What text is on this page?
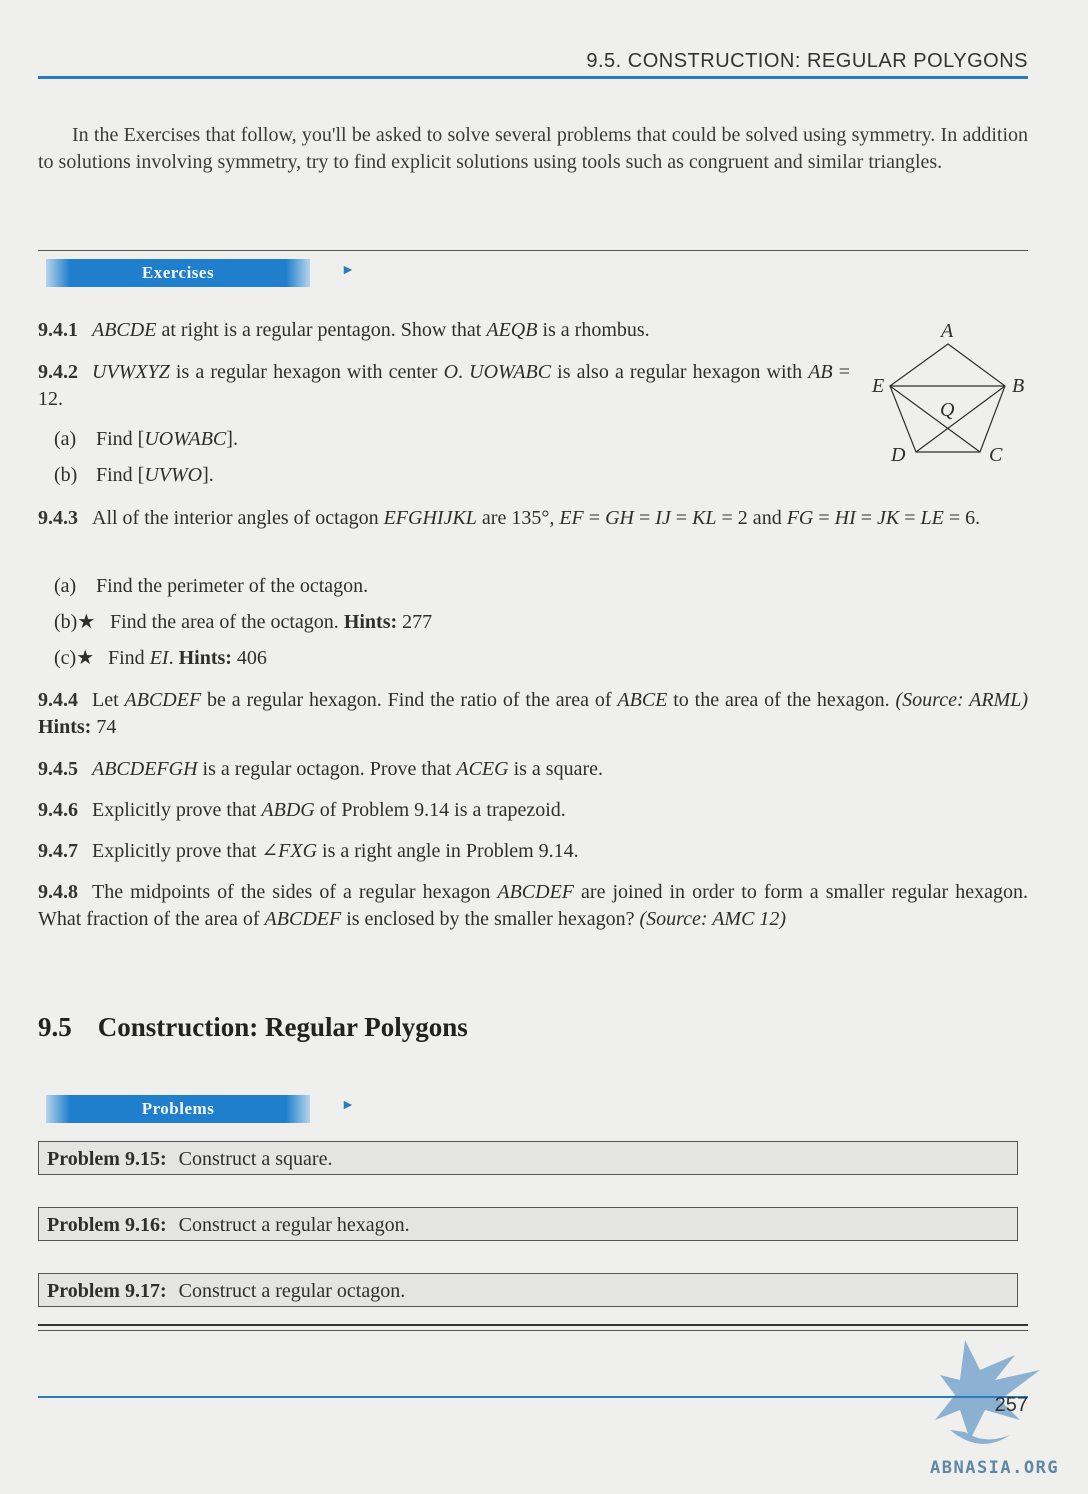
9.5. CONSTRUCTION: REGULAR POLYGONS
In the Exercises that follow, you'll be asked to solve several problems that could be solved using symmetry. In addition to solutions involving symmetry, try to find explicit solutions using tools such as congruent and similar triangles.
Exercises	►
9.4.1 ABCDE at right is a regular pentagon. Show that AEQB is a rhombus.	A
B
C
D
E
Q
9.4.2 UVWXYZ is a regular hexagon with center O. UOWABC is also a regular hexagon with AB = 12.
(a) Find [UOWABC].
(b) Find [UVWO].
9.4.3 All of the interior angles of octagon EFGHIJKL are 135°, EF = GH = IJ = KL = 2 and FG = HI = JK = LE = 6.
(a) Find the perimeter of the octagon.
(b)★ Find the area of the octagon. Hints: 277
(c)★ Find EI. Hints: 406
9.4.4 Let ABCDEF be a regular hexagon. Find the ratio of the area of ABCE to the area of the hexagon. (Source: ARML) Hints: 74
9.4.5 ABCDEFGH is a regular octagon. Prove that ACEG is a square.
9.4.6 Explicitly prove that ABDG of Problem 9.14 is a trapezoid.
9.4.7 Explicitly prove that ∠FXG is a right angle in Problem 9.14.
9.4.8 The midpoints of the sides of a regular hexagon ABCDEF are joined in order to form a smaller regular hexagon. What fraction of the area of ABCDEF is enclosed by the smaller hexagon? (Source: AMC 12)
9.5 Construction: Regular Polygons
Problems	►
Problem 9.15: Construct a square.
Problem 9.16: Construct a regular hexagon.
Problem 9.17: Construct a regular octagon.
257
ABNASIA.ORG
